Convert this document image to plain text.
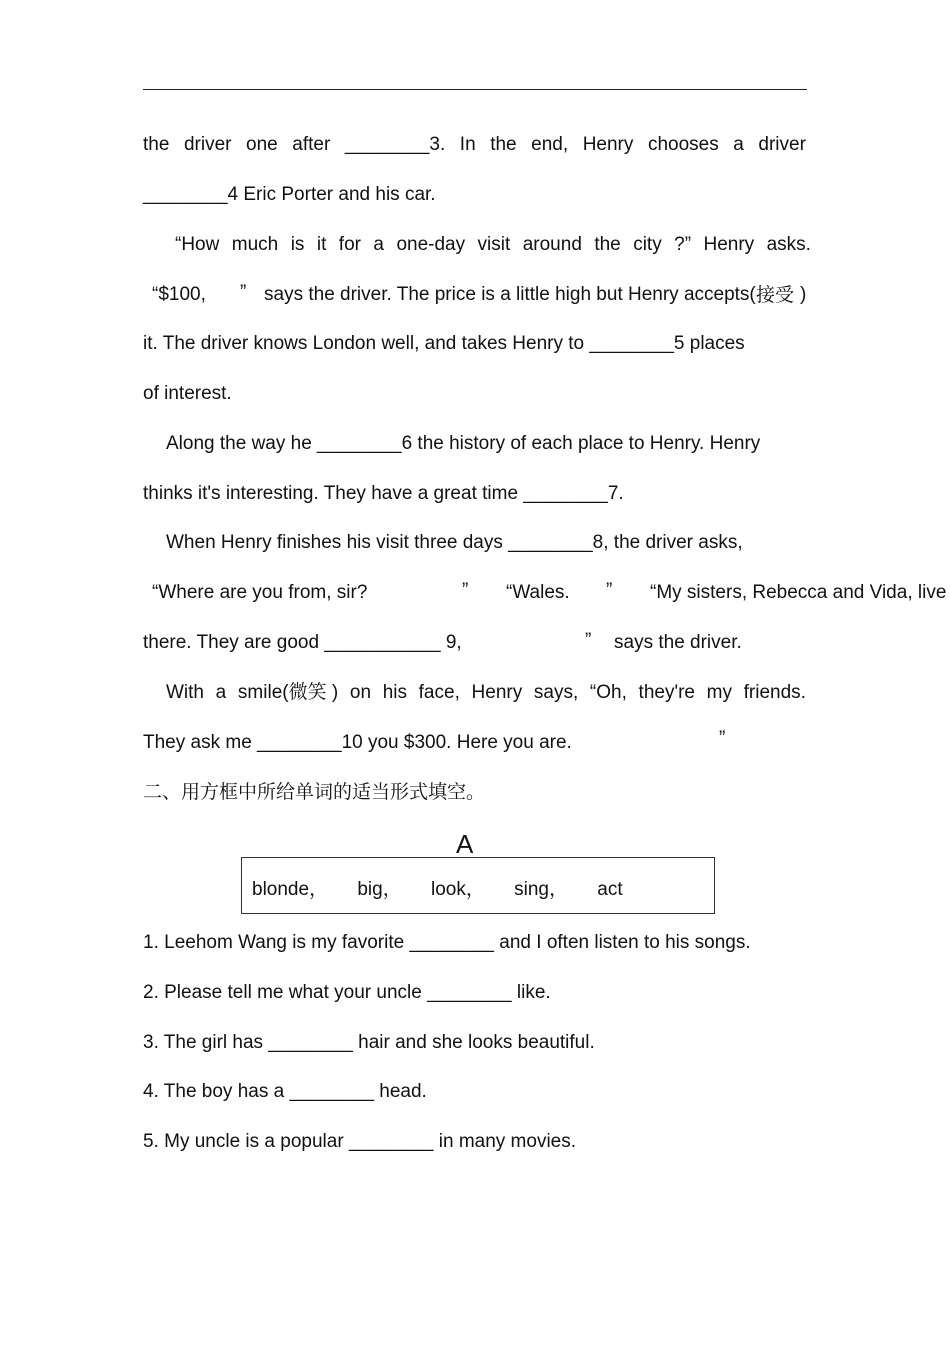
the driver one after ________3. In the end, Henry chooses a driver
________4 Eric Porter and his car.
“How much is it for a one-day visit around the city ?” Henry asks.
“$100, ” says the driver. The price is a little high but Henry accepts( 接受 )
it. The driver knows London well, and takes Henry to ________5 places
of interest.
Along the way he ________6 the history of each place to Henry. Henry
thinks it's interesting. They have a great time ________7.
When Henry finishes his visit three days ________8, the driver asks,
“Where are you from, sir?	” “Wales. ” “My sisters, Rebecca and Vida, live
there. They are good ___________ 9,	” says the driver.
With a smile(微笑 ) on his face, Henry says, “Oh, they're my friends.
They ask me ________10 you $300. Here you are.	”
二、用方框中所给单词的适当形式填空。
A
blonde， big， look， sing， act
1. Leehom Wang is my favorite ________ and I often listen to his songs.
2. Please tell me what your uncle ________ like.
3. The girl has ________ hair and she looks beautiful.
4. The boy has a ________ head.
5. My uncle is a popular ________ in many movies.
